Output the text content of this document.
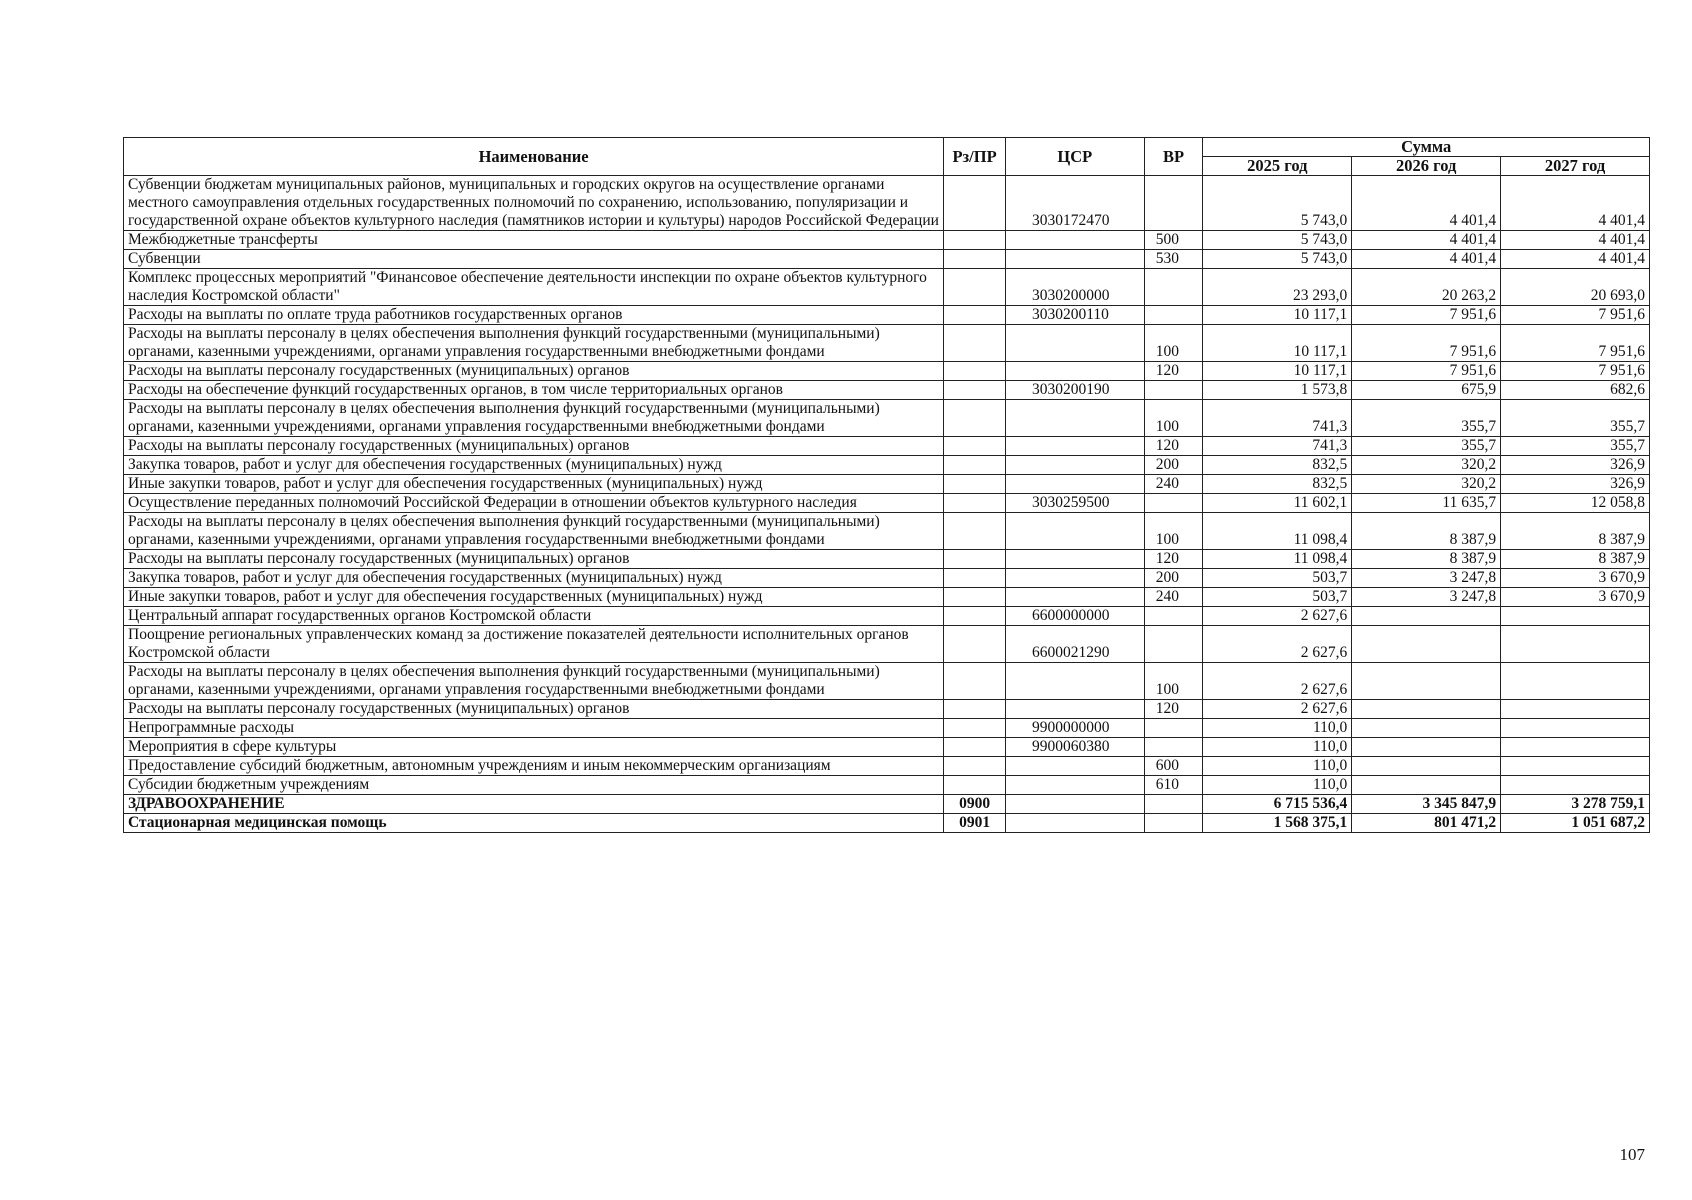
Наименование	Рз/ПР	ЦСР	ВР	Сумма		
				2025 год	2026 год	2027 год
Субвенции бюджетам муниципальных районов, муниципальных и городских округов на осуществление органами местного самоуправления отдельных государственных полномочий по сохранению, использованию, популяризации и государственной охране объектов культурного наследия (памятников истории и культуры) народов Российской Федерации		3030172470		5 743,0	4 401,4	4 401,4
Межбюджетные трансферты			500	5 743,0	4 401,4	4 401,4
Субвенции			530	5 743,0	4 401,4	4 401,4
Комплекс процессных мероприятий "Финансовое обеспечение деятельности инспекции по охране объектов культурного наследия Костромской области"		3030200000		23 293,0	20 263,2	20 693,0
Расходы на выплаты по оплате труда работников государственных органов		3030200110		10 117,1	7 951,6	7 951,6
Расходы на выплаты персоналу в целях обеспечения выполнения функций государственными (муниципальными) органами, казенными учреждениями, органами управления государственными внебюджетными фондами			100	10 117,1	7 951,6	7 951,6
Расходы на выплаты персоналу государственных (муниципальных) органов			120	10 117,1	7 951,6	7 951,6
Расходы на обеспечение функций государственных органов, в том числе территориальных органов		3030200190		1 573,8	675,9	682,6
Расходы на выплаты персоналу в целях обеспечения выполнения функций государственными (муниципальными) органами, казенными учреждениями, органами управления государственными внебюджетными фондами			100	741,3	355,7	355,7
Расходы на выплаты персоналу государственных (муниципальных) органов			120	741,3	355,7	355,7
Закупка товаров, работ и услуг для обеспечения государственных (муниципальных) нужд			200	832,5	320,2	326,9
Иные закупки товаров, работ и услуг для обеспечения государственных (муниципальных) нужд			240	832,5	320,2	326,9
Осуществление переданных полномочий Российской Федерации в отношении объектов культурного наследия		3030259500		11 602,1	11 635,7	12 058,8
Расходы на выплаты персоналу в целях обеспечения выполнения функций государственными (муниципальными) органами, казенными учреждениями, органами управления государственными внебюджетными фондами			100	11 098,4	8 387,9	8 387,9
Расходы на выплаты персоналу государственных (муниципальных) органов			120	11 098,4	8 387,9	8 387,9
Закупка товаров, работ и услуг для обеспечения государственных (муниципальных) нужд			200	503,7	3 247,8	3 670,9
Иные закупки товаров, работ и услуг для обеспечения государственных (муниципальных) нужд			240	503,7	3 247,8	3 670,9
Центральный аппарат государственных органов Костромской области		6600000000		2 627,6		
Поощрение региональных управленческих команд за достижение показателей деятельности исполнительных органов Костромской области		6600021290		2 627,6		
Расходы на выплаты персоналу в целях обеспечения выполнения функций государственными (муниципальными) органами, казенными учреждениями, органами управления государственными внебюджетными фондами			100	2 627,6		
Расходы на выплаты персоналу государственных (муниципальных) органов			120	2 627,6		
Непрограммные расходы		9900000000		110,0		
Мероприятия в сфере культуры		9900060380		110,0		
Предоставление субсидий бюджетным, автономным учреждениям и иным некоммерческим организациям			600	110,0		
Субсидии бюджетным учреждениям			610	110,0		
ЗДРАВООХРАНЕНИЕ	0900			6 715 536,4	3 345 847,9	3 278 759,1
Стационарная медицинская помощь	0901			1 568 375,1	801 471,2	1 051 687,2
107
